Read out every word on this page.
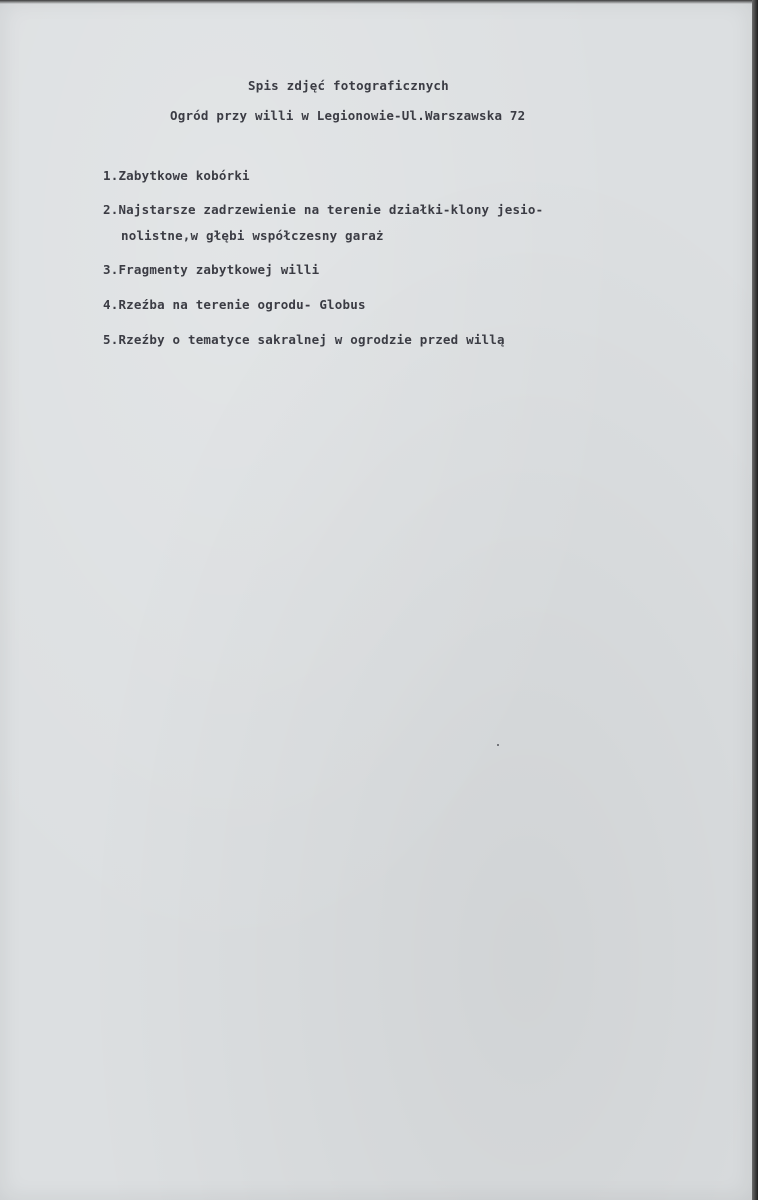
Spis zdjęć fotograficznych

Ogród przy willi w Legionowie-Ul.Warszawska 72

1.Zabytkowe kobórki

2.Najstarsze zadrzewienie na terenie działki-klony jesio-

nolistne,w głębi współczesny garaż

3.Fragmenty zabytkowej willi

4.Rzeźba na terenie ogrodu- Globus

5.Rzeźby o tematyce sakralnej w ogrodzie przed willą
